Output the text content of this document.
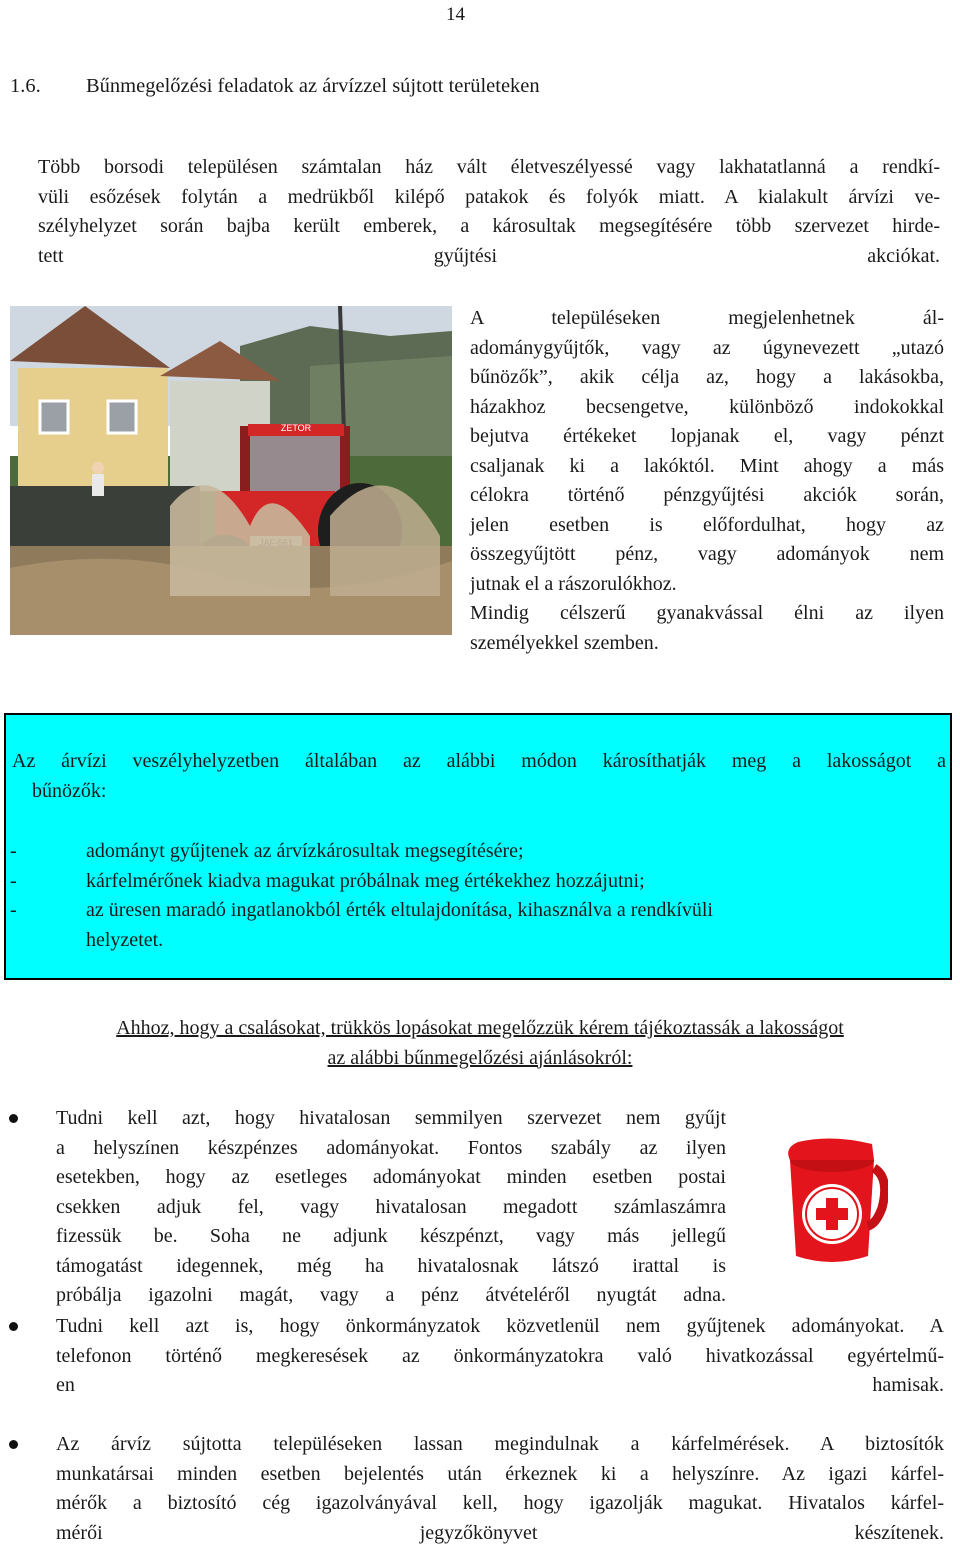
14
1.6. Bűnmegelőzési feladatok az árvízzel sújtott területeken
Több borsodi településen számtalan ház vált életveszélyessé vagy lakhatatlanná a rendkí-
vüli esőzések folytán a medrükből kilépő patakok és folyók miatt. A kialakult árvízi ve-
szélyhelyzet során bajba került emberek, a károsultak megsegítésére több szervezet hirde-
tett gyűjtési akciókat.
ZETOR

A településeken megjelenhetnek ál-

adománygyűjtők, vagy az úgynevezett „utazó

bűnözők”, akik célja az, hogy a lakásokba,

házakhoz becsengetve, különböző indokokkal

bejutva értékeket lopjanak el, vagy pénzt

csaljanak ki a lakóktól. Mint ahogy a más

célokra történő pénzgyűjtési akciók során,

jelen esetben is előfordulhat, hogy az

összegyűjtött pénz, vagy adományok nem

jutnak el a rászorulókhoz.

Mindig célszerű gyanakvással élni az ilyen

személyekkel szemben.

Az árvízi veszélyhelyzetben általában az alábbi módon károsíthatják meg a lakosságot a
bűnözők:
-	adományt gyűjtenek az árvízkárosultak megsegítésére;
-	kárfelmérőnek kiadva magukat próbálnak meg értékekhez hozzájutni;
-	az üresen maradó ingatlanokból érték eltulajdonítása, kihasználva a rendkívüli
helyzetet.
Ahhoz, hogy a csalásokat, trükkös lopásokat megelőzzük kérem tájékoztassák a lakosságot
az alábbi bűnmegelőzési ajánlásokról:
Tudni kell azt, hogy hivatalosan semmilyen szervezet nem gyűjt
a helyszínen készpénzes adományokat. Fontos szabály az ilyen
esetekben, hogy az esetleges adományokat minden esetben postai
csekken adjuk fel, vagy hivatalosan megadott számlaszámra
fizessük be. Soha ne adjunk készpénzt, vagy más jellegű
támogatást idegennek, még ha hivatalosnak látszó irattal is
próbálja igazolni magát, vagy a pénz átvételéről nyugtát adna.
Tudni kell azt is, hogy önkormányzatok közvetlenül nem gyűjtenek adományokat. A
telefonon történő megkeresések az önkormányzatokra való hivatkozással egyértelmű-
en hamisak.
Az árvíz sújtotta településeken lassan megindulnak a kárfelmérések. A biztosítók
munkatársai minden esetben bejelentés után érkeznek ki a helyszínre. Az igazi kárfel-
mérők a biztosító cég igazolványával kell, hogy igazolják magukat. Hivatalos kárfel-
mérői jegyzőkönyvet készítenek.
